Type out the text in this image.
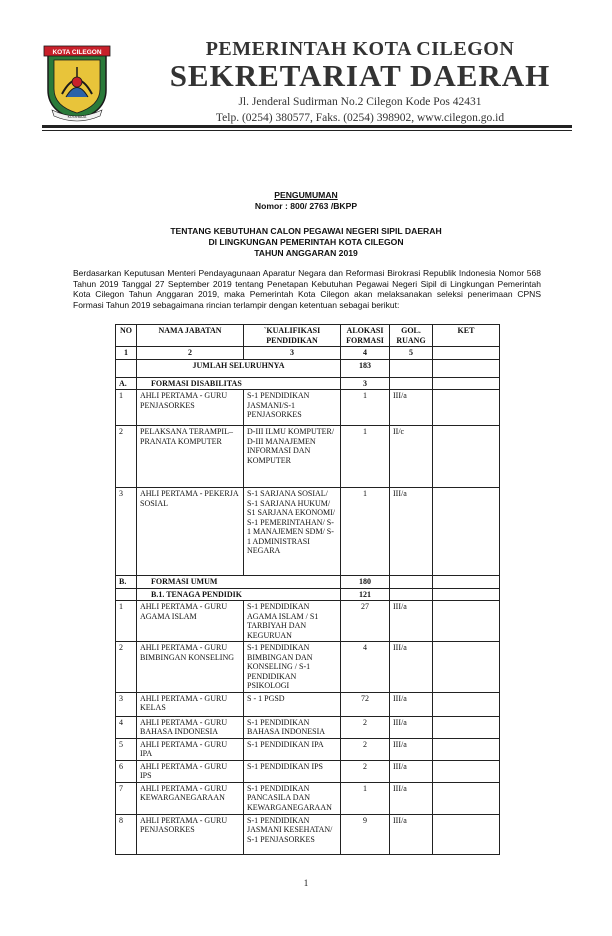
KOTA CILEGON
KOTA BAJA
PEMERINTAH KOTA CILEGON
SEKRETARIAT DAERAH
Jl. Jenderal Sudirman No.2 Cilegon Kode Pos 42431
Telp. (0254) 380577, Faks. (0254) 398902, www.cilegon.go.id
PENGUMUMAN
Nomor : 800/ 2763 /BKPP
TENTANG KEBUTUHAN CALON PEGAWAI NEGERI SIPIL DAERAH
DI LINGKUNGAN PEMERINTAH KOTA CILEGON
TAHUN ANGGARAN 2019
Berdasarkan Keputusan Menteri Pendayagunaan Aparatur Negara dan Reformasi Birokrasi Republik Indonesia Nomor 568 Tahun 2019 Tanggal 27 September 2019 tentang Penetapan Kebutuhan Pegawai Negeri Sipil di Lingkungan Pemerintah Kota Cilegon Tahun Anggaran 2019, maka Pemerintah Kota Cilegon akan melaksanakan seleksi penerimaan CPNS Formasi Tahun 2019 sebagaimana rincian terlampir dengan ketentuan sebagai berikut:
NO	NAMA JABATAN	`KUALIFIKASI PENDIDIKAN	ALOKASI FORMASI	GOL. RUANG	KET
1	2	3	4	5	
	JUMLAH SELURUHNYA		183		
A.	FORMASI DISABILITAS		3		
1	AHLI PERTAMA - GURU PENJASORKES	S-1 PENDIDIKAN JASMANI/S-1 PENJASORKES	1	III/a	
2	PELAKSANA TERAMPIL– PRANATA KOMPUTER	D-III ILMU KOMPUTER/ D-III MANAJEMEN INFORMASI DAN KOMPUTER	1	II/c	
3	AHLI PERTAMA - PEKERJA SOSIAL	S-1 SARJANA SOSIAL/ S-1 SARJANA HUKUM/ S1 SARJANA EKONOMI/ S-1 PEMERINTAHAN/ S-1 MANAJEMEN SDM/ S-1 ADMINISTRASI NEGARA	1	III/a	
B.	FORMASI UMUM		180		
	B.1. TENAGA PENDIDIK		121		
1	AHLI PERTAMA - GURU AGAMA ISLAM	S-1 PENDIDIKAN AGAMA ISLAM / S1 TARBIYAH DAN KEGURUAN	27	III/a	
2	AHLI PERTAMA - GURU BIMBINGAN KONSELING	S-1 PENDIDIKAN BIMBINGAN DAN KONSELING / S-1 PENDIDIKAN PSIKOLOGI	4	III/a	
3	AHLI PERTAMA - GURU KELAS	S - 1 PGSD	72	III/a	
4	AHLI PERTAMA - GURU BAHASA INDONESIA	S-1 PENDIDIKAN BAHASA INDONESIA	2	III/a	
5	AHLI PERTAMA - GURU IPA	S-1 PENDIDIKAN IPA	2	III/a	
6	AHLI PERTAMA - GURU IPS	S-1 PENDIDIKAN IPS	2	III/a	
7	AHLI PERTAMA - GURU KEWARGANEGARAAN	S-1 PENDIDIKAN PANCASILA DAN KEWARGANEGARAAN	1	III/a	
8	AHLI PERTAMA - GURU PENJASORKES	S-1 PENDIDIKAN JASMANI KESEHATAN/ S-1 PENJASORKES	9	III/a	
1
